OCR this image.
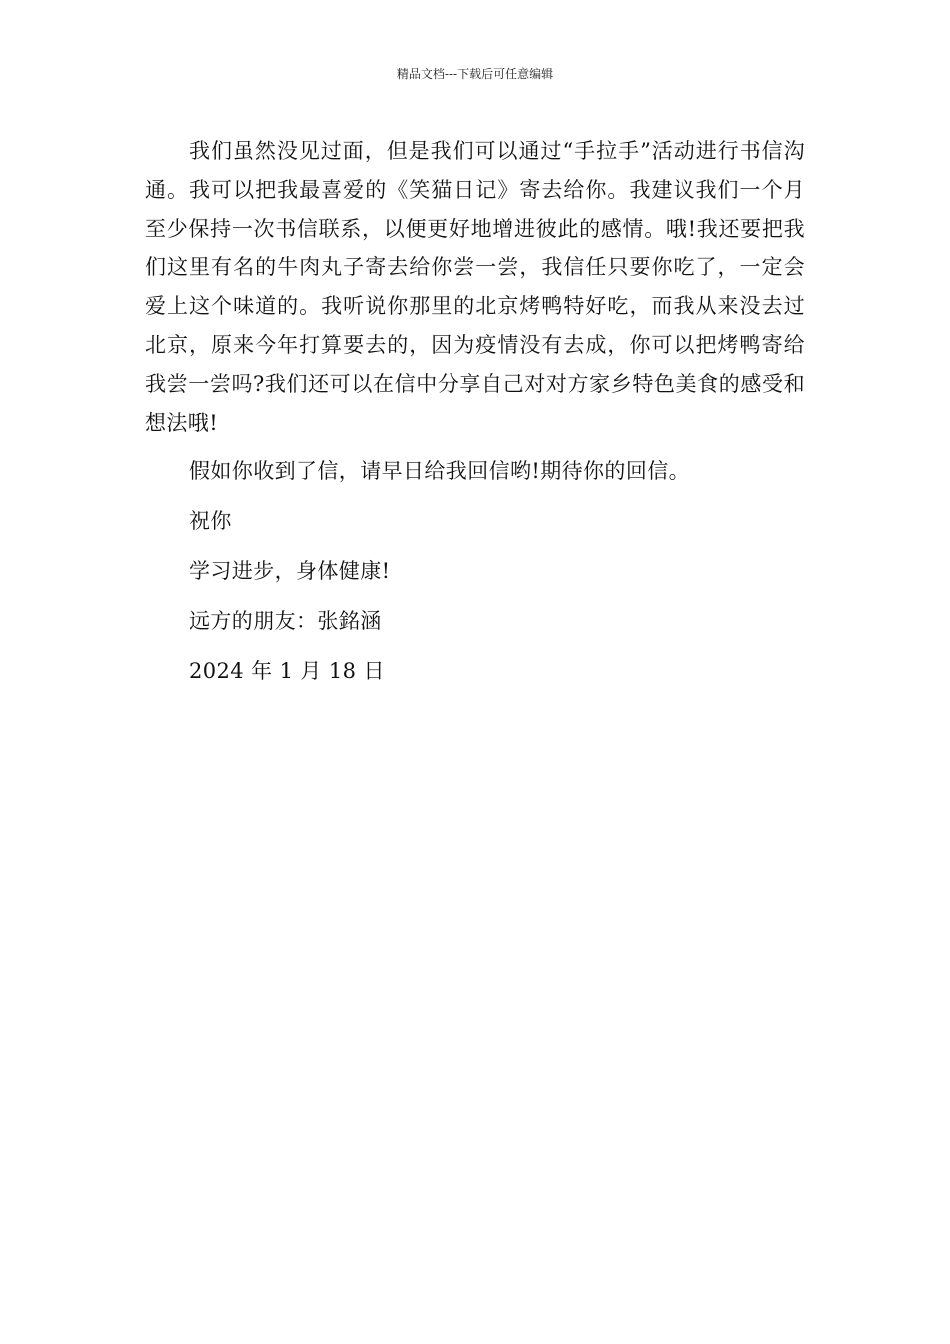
精品文档---下载后可任意编辑

我们虽然没见过面，但是我们可以通过“手拉手”活动进行书信沟通。我可以把我最喜爱的《笑猫日记》寄去给你。我建议我们一个月至少保持一次书信联系，以便更好地增进彼此的感情。哦!我还要把我们这里有名的牛肉丸子寄去给你尝一尝，我信任只要你吃了，一定会爱上这个味道的。我听说你那里的北京烤鸭特好吃，而我从来没去过北京，原来今年打算要去的，因为疫情没有去成，你可以把烤鸭寄给我尝一尝吗?我们还可以在信中分享自己对对方家乡特色美食的感受和想法哦!

假如你收到了信，请早日给我回信哟!期待你的回信。

祝你

学习进步，身体健康!

远方的朋友：张銘涵

2024 年 1 月 18 日
